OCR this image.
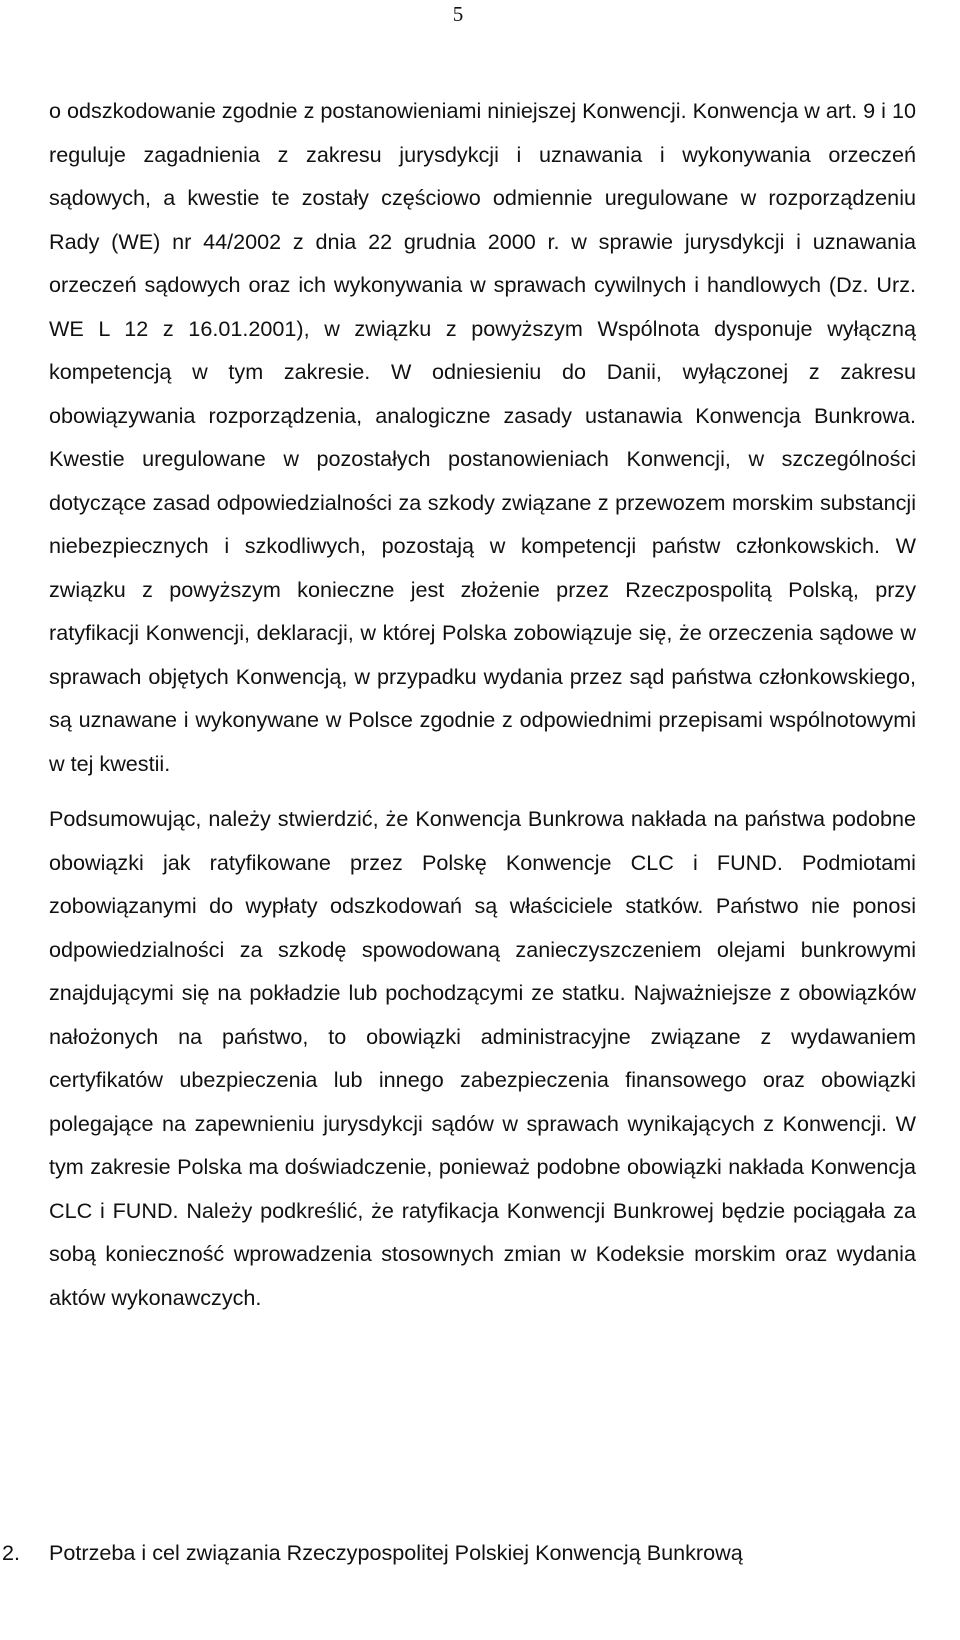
5

o odszkodowanie zgodnie z postanowieniami niniejszej Konwencji. Konwencja w art. 9 i 10 reguluje zagadnienia z zakresu jurysdykcji i uznawania i wykonywania orzeczeń sądowych, a kwestie te zostały częściowo odmiennie uregulowane w rozporządzeniu Rady (WE) nr 44/2002 z dnia 22 grudnia 2000 r. w sprawie jurysdykcji i uznawania orzeczeń sądowych oraz ich wykonywania w sprawach cywilnych i handlowych (Dz. Urz. WE L 12 z 16.01.2001), w związku z powyższym Wspólnota dysponuje wyłączną kompetencją w tym zakresie. W odniesieniu do Danii, wyłączonej z zakresu obowiązywania rozporządzenia, analogiczne zasady ustanawia Konwencja Bunkrowa. Kwestie uregulowane w pozostałych postanowieniach Konwencji, w szczególności dotyczące zasad odpowiedzialności za szkody związane z przewozem morskim substancji niebezpiecznych i szkodliwych, pozostają w kompetencji państw członkowskich. W związku z powyższym konieczne jest złożenie przez Rzeczpospolitą Polską, przy ratyfikacji Konwencji, deklaracji, w której Polska zobowiązuje się, że orzeczenia sądowe w sprawach objętych Konwencją, w przypadku wydania przez sąd państwa członkowskiego, są uznawane i wykonywane w Polsce zgodnie z odpowiednimi przepisami wspólnotowymi w tej kwestii.

Podsumowując, należy stwierdzić, że Konwencja Bunkrowa nakłada na państwa podobne obowiązki jak ratyfikowane przez Polskę Konwencje CLC i FUND. Podmiotami zobowiązanymi do wypłaty odszkodowań są właściciele statków. Państwo nie ponosi odpowiedzialności za szkodę spowodowaną zanieczyszczeniem olejami bunkrowymi znajdującymi się na pokładzie lub pochodzącymi ze statku. Najważniejsze z obowiązków nałożonych na państwo, to obowiązki administracyjne związane z wydawaniem certyfikatów ubezpieczenia lub innego zabezpieczenia finansowego oraz obowiązki polegające na zapewnieniu jurysdykcji sądów w sprawach wynikających z Konwencji. W tym zakresie Polska ma doświadczenie, ponieważ podobne obowiązki nakłada Konwencja CLC i FUND. Należy podkreślić, że ratyfikacja Konwencji Bunkrowej będzie pociągała za sobą konieczność wprowadzenia stosownych zmian w Kodeksie morskim oraz wydania aktów wykonawczych.

2. Potrzeba i cel związania Rzeczypospolitej Polskiej Konwencją Bunkrową
